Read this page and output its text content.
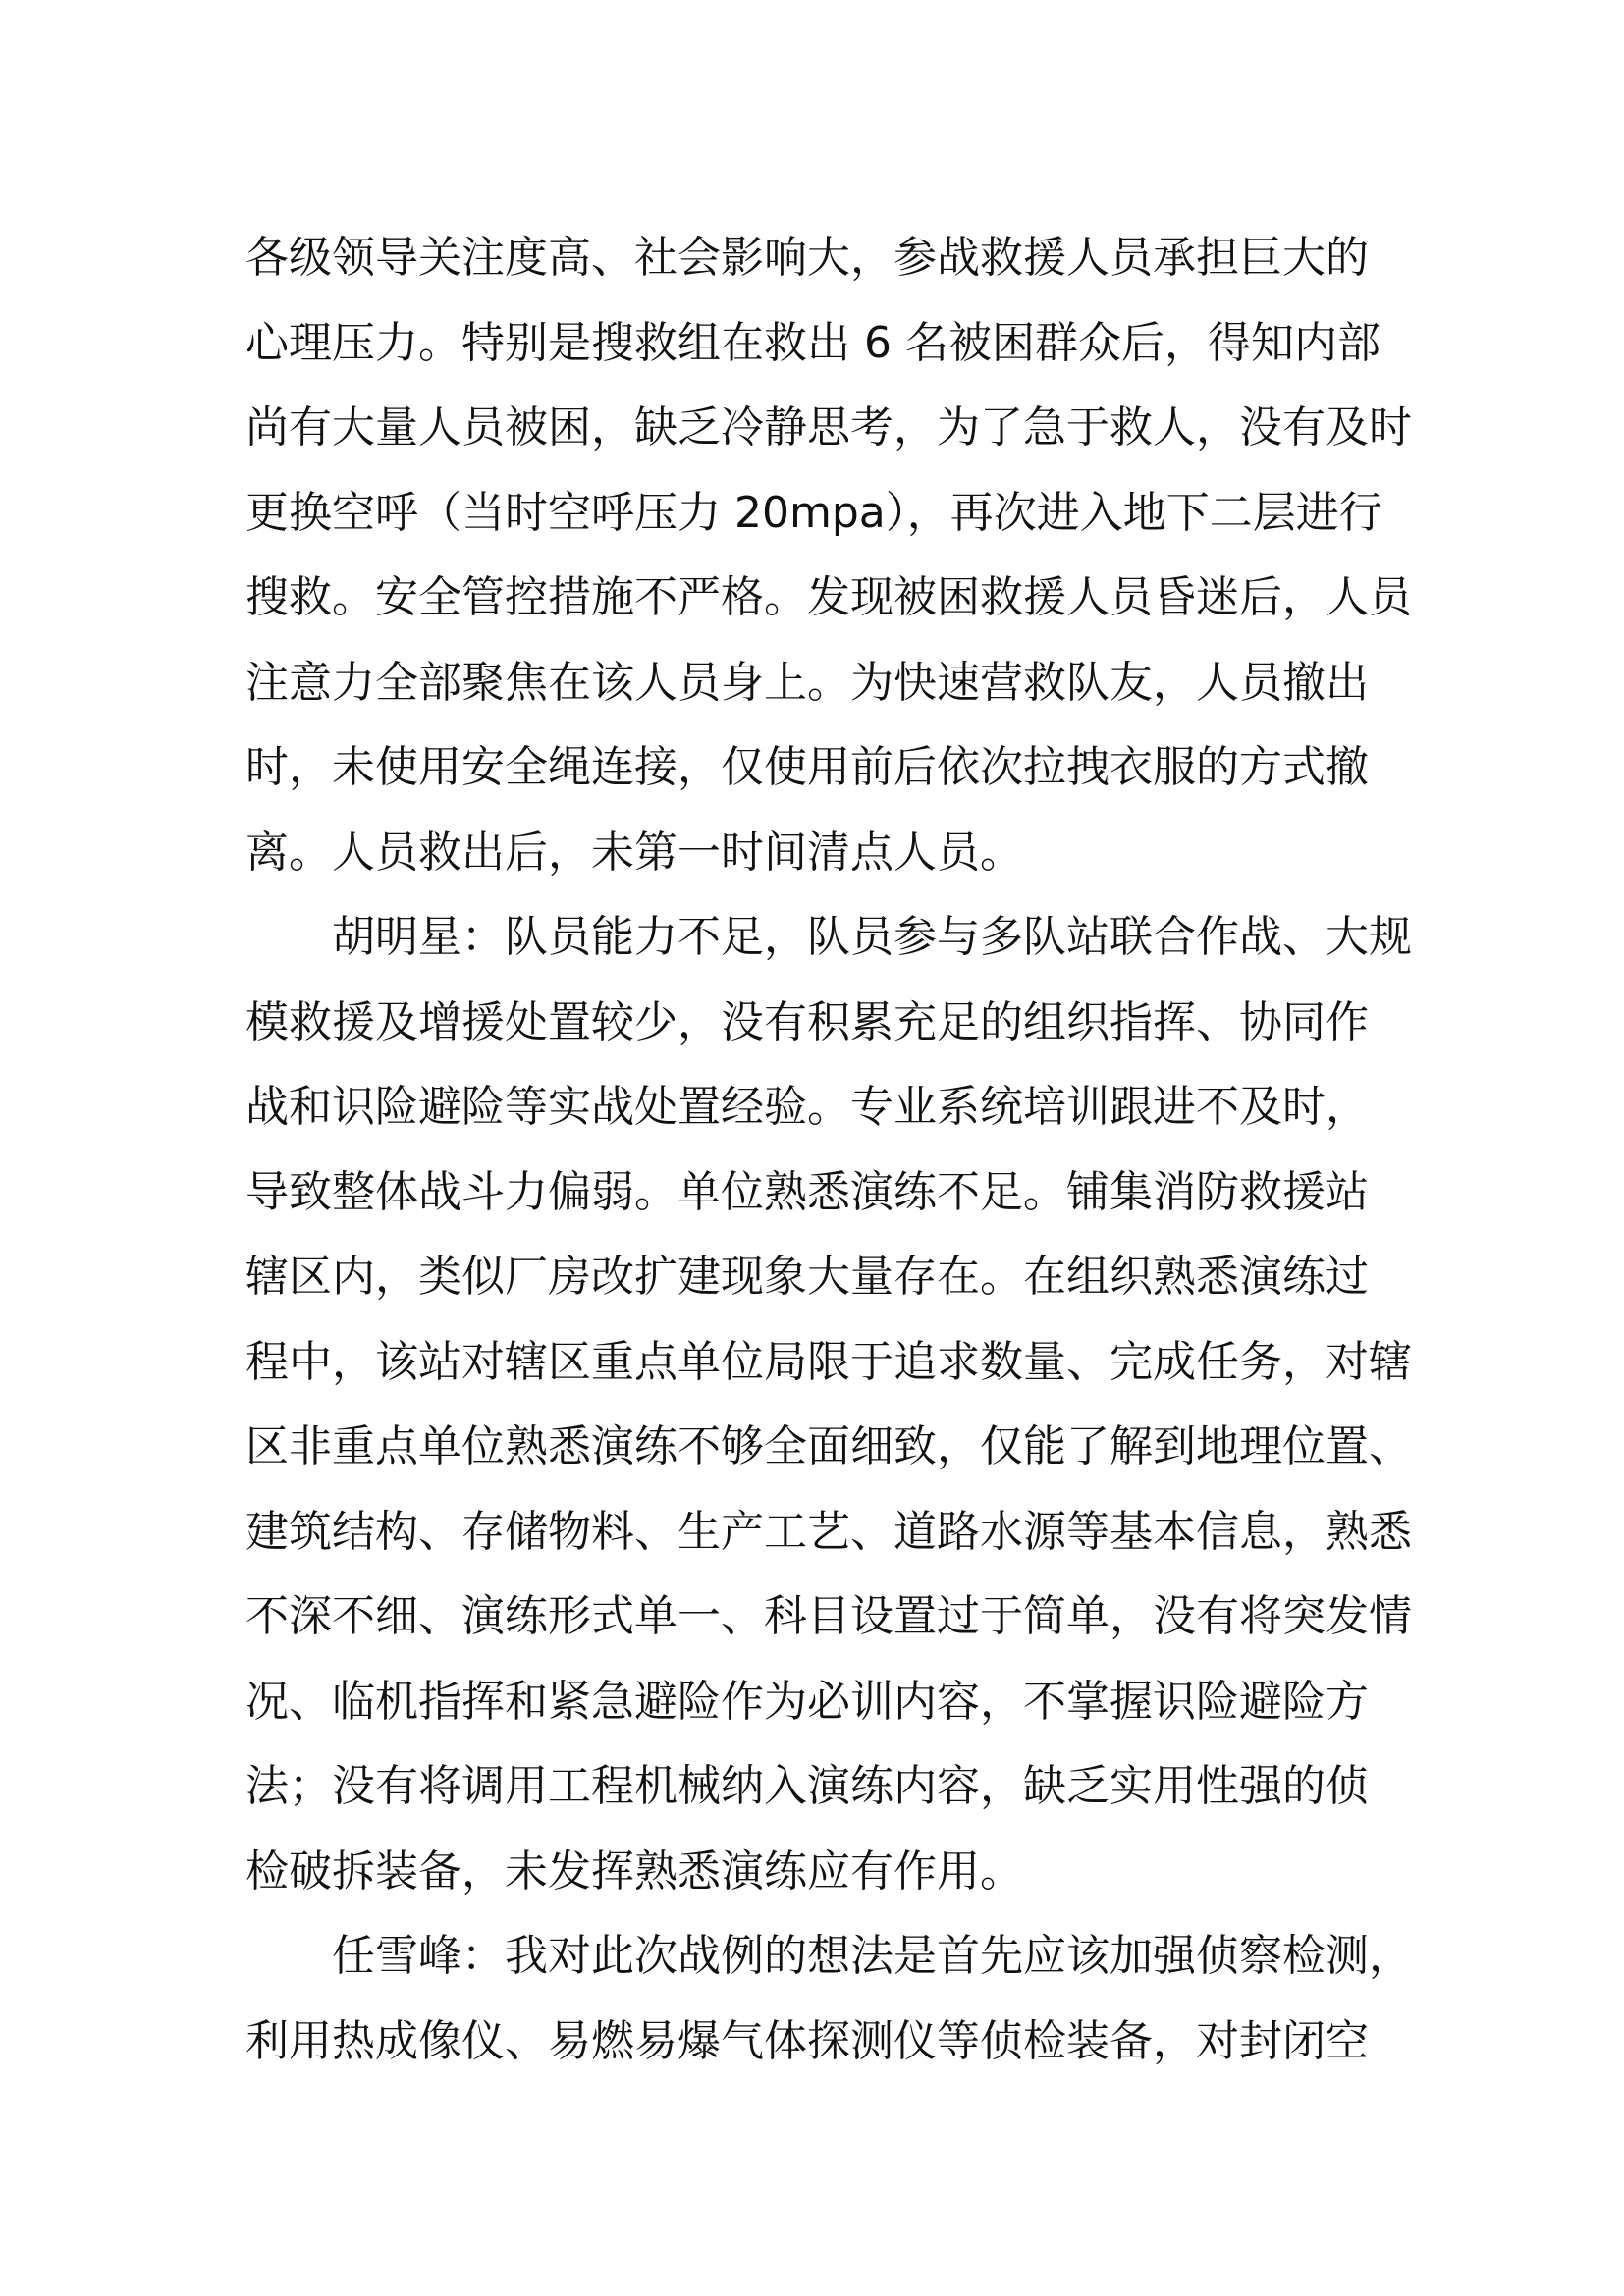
各级领导关注度高、社会影响大，参战救援人员承担巨大的
心理压力。特别是搜救组在救出 6 名被困群众后，得知内部
尚有大量人员被困，缺乏冷静思考，为了急于救人，没有及时
更换空呼（当时空呼压力 20mpa），再次进入地下二层进行
搜救。安全管控措施不严格。发现被困救援人员昏迷后，人员
注意力全部聚焦在该人员身上。为快速营救队友，人员撤出
时，未使用安全绳连接，仅使用前后依次拉拽衣服的方式撤
离。人员救出后，未第一时间清点人员。
胡明星：队员能力不足，队员参与多队站联合作战、大规
模救援及增援处置较少，没有积累充足的组织指挥、协同作
战和识险避险等实战处置经验。专业系统培训跟进不及时，
导致整体战斗力偏弱。单位熟悉演练不足。铺集消防救援站
辖区内，类似厂房改扩建现象大量存在。在组织熟悉演练过
程中，该站对辖区重点单位局限于追求数量、完成任务，对辖
区非重点单位熟悉演练不够全面细致，仅能了解到地理位置、
建筑结构、存储物料、生产工艺、道路水源等基本信息，熟悉
不深不细、演练形式单一、科目设置过于简单，没有将突发情
况、临机指挥和紧急避险作为必训内容，不掌握识险避险方
法；没有将调用工程机械纳入演练内容，缺乏实用性强的侦
检破拆装备，未发挥熟悉演练应有作用。
任雪峰：我对此次战例的想法是首先应该加强侦察检测，
利用热成像仪、易燃易爆气体探测仪等侦检装备，对封闭空
